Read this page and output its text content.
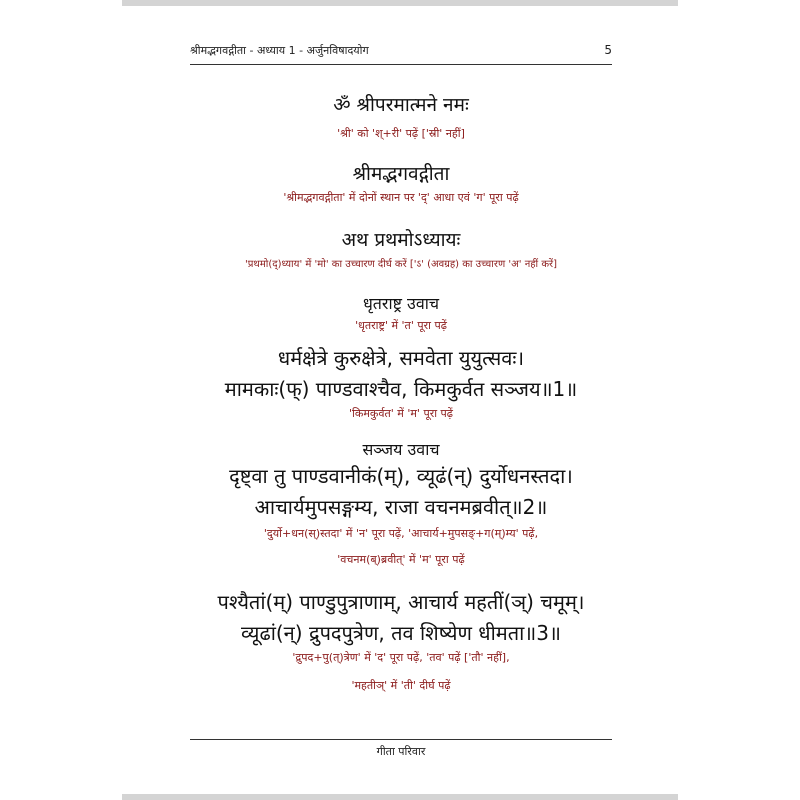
श्रीमद्भगवद्गीता - अध्याय 1 - अर्जुनविषादयोग	5
ॐ श्रीपरमात्मने नमः
'श्री' को 'श्+री' पढ़ें ['स्री' नहीं]
श्रीमद्भगवद्गीता
'श्रीमद्भगवद्गीता' में दोनों स्थान पर 'द्' आधा एवं 'ग' पूरा पढ़ें
अथ प्रथमोऽध्यायः
'प्रथमो(द्)ध्याय' में 'मो' का उच्चारण दीर्घ करें ['ऽ' (अवग्रह) का उच्चारण 'अ' नहीं करें]
धृतराष्ट्र उवाच
'धृतराष्ट्र' में 'त' पूरा पढ़ें
धर्मक्षेत्रे कुरुक्षेत्रे, समवेता युयुत्सवः।
मामकाः(फ्) पाण्डवाश्चैव, किमकुर्वत सञ्जय॥1॥
'किमकुर्वत' में 'म' पूरा पढ़ें
सञ्जय उवाच
दृष्ट्वा तु पाण्डवानीकं(म्), व्यूढं(न्) दुर्योधनस्तदा।
आचार्यमुपसङ्गम्य, राजा वचनमब्रवीत्॥2॥
'दुर्यो+धन(स्)स्तदा' में 'न' पूरा पढ़ें, 'आचार्य+मुपसङ्+ग(म्)म्य' पढ़ें,
'वचनम(ब्)ब्रवीत्' में 'म' पूरा पढ़ें
पश्यैतां(म्) पाण्डुपुत्राणाम्, आचार्य महतीं(ञ्) चमूम्।
व्यूढां(न्) द्रुपदपुत्रेण, तव शिष्येण धीमता॥3॥
'द्रुपद+पु(त्)त्रेण' में 'द' पूरा पढ़ें, 'तव' पढ़ें ['तौ' नहीं],
'महतीञ्' में 'ती' दीर्घ पढ़ें
गीता परिवार
